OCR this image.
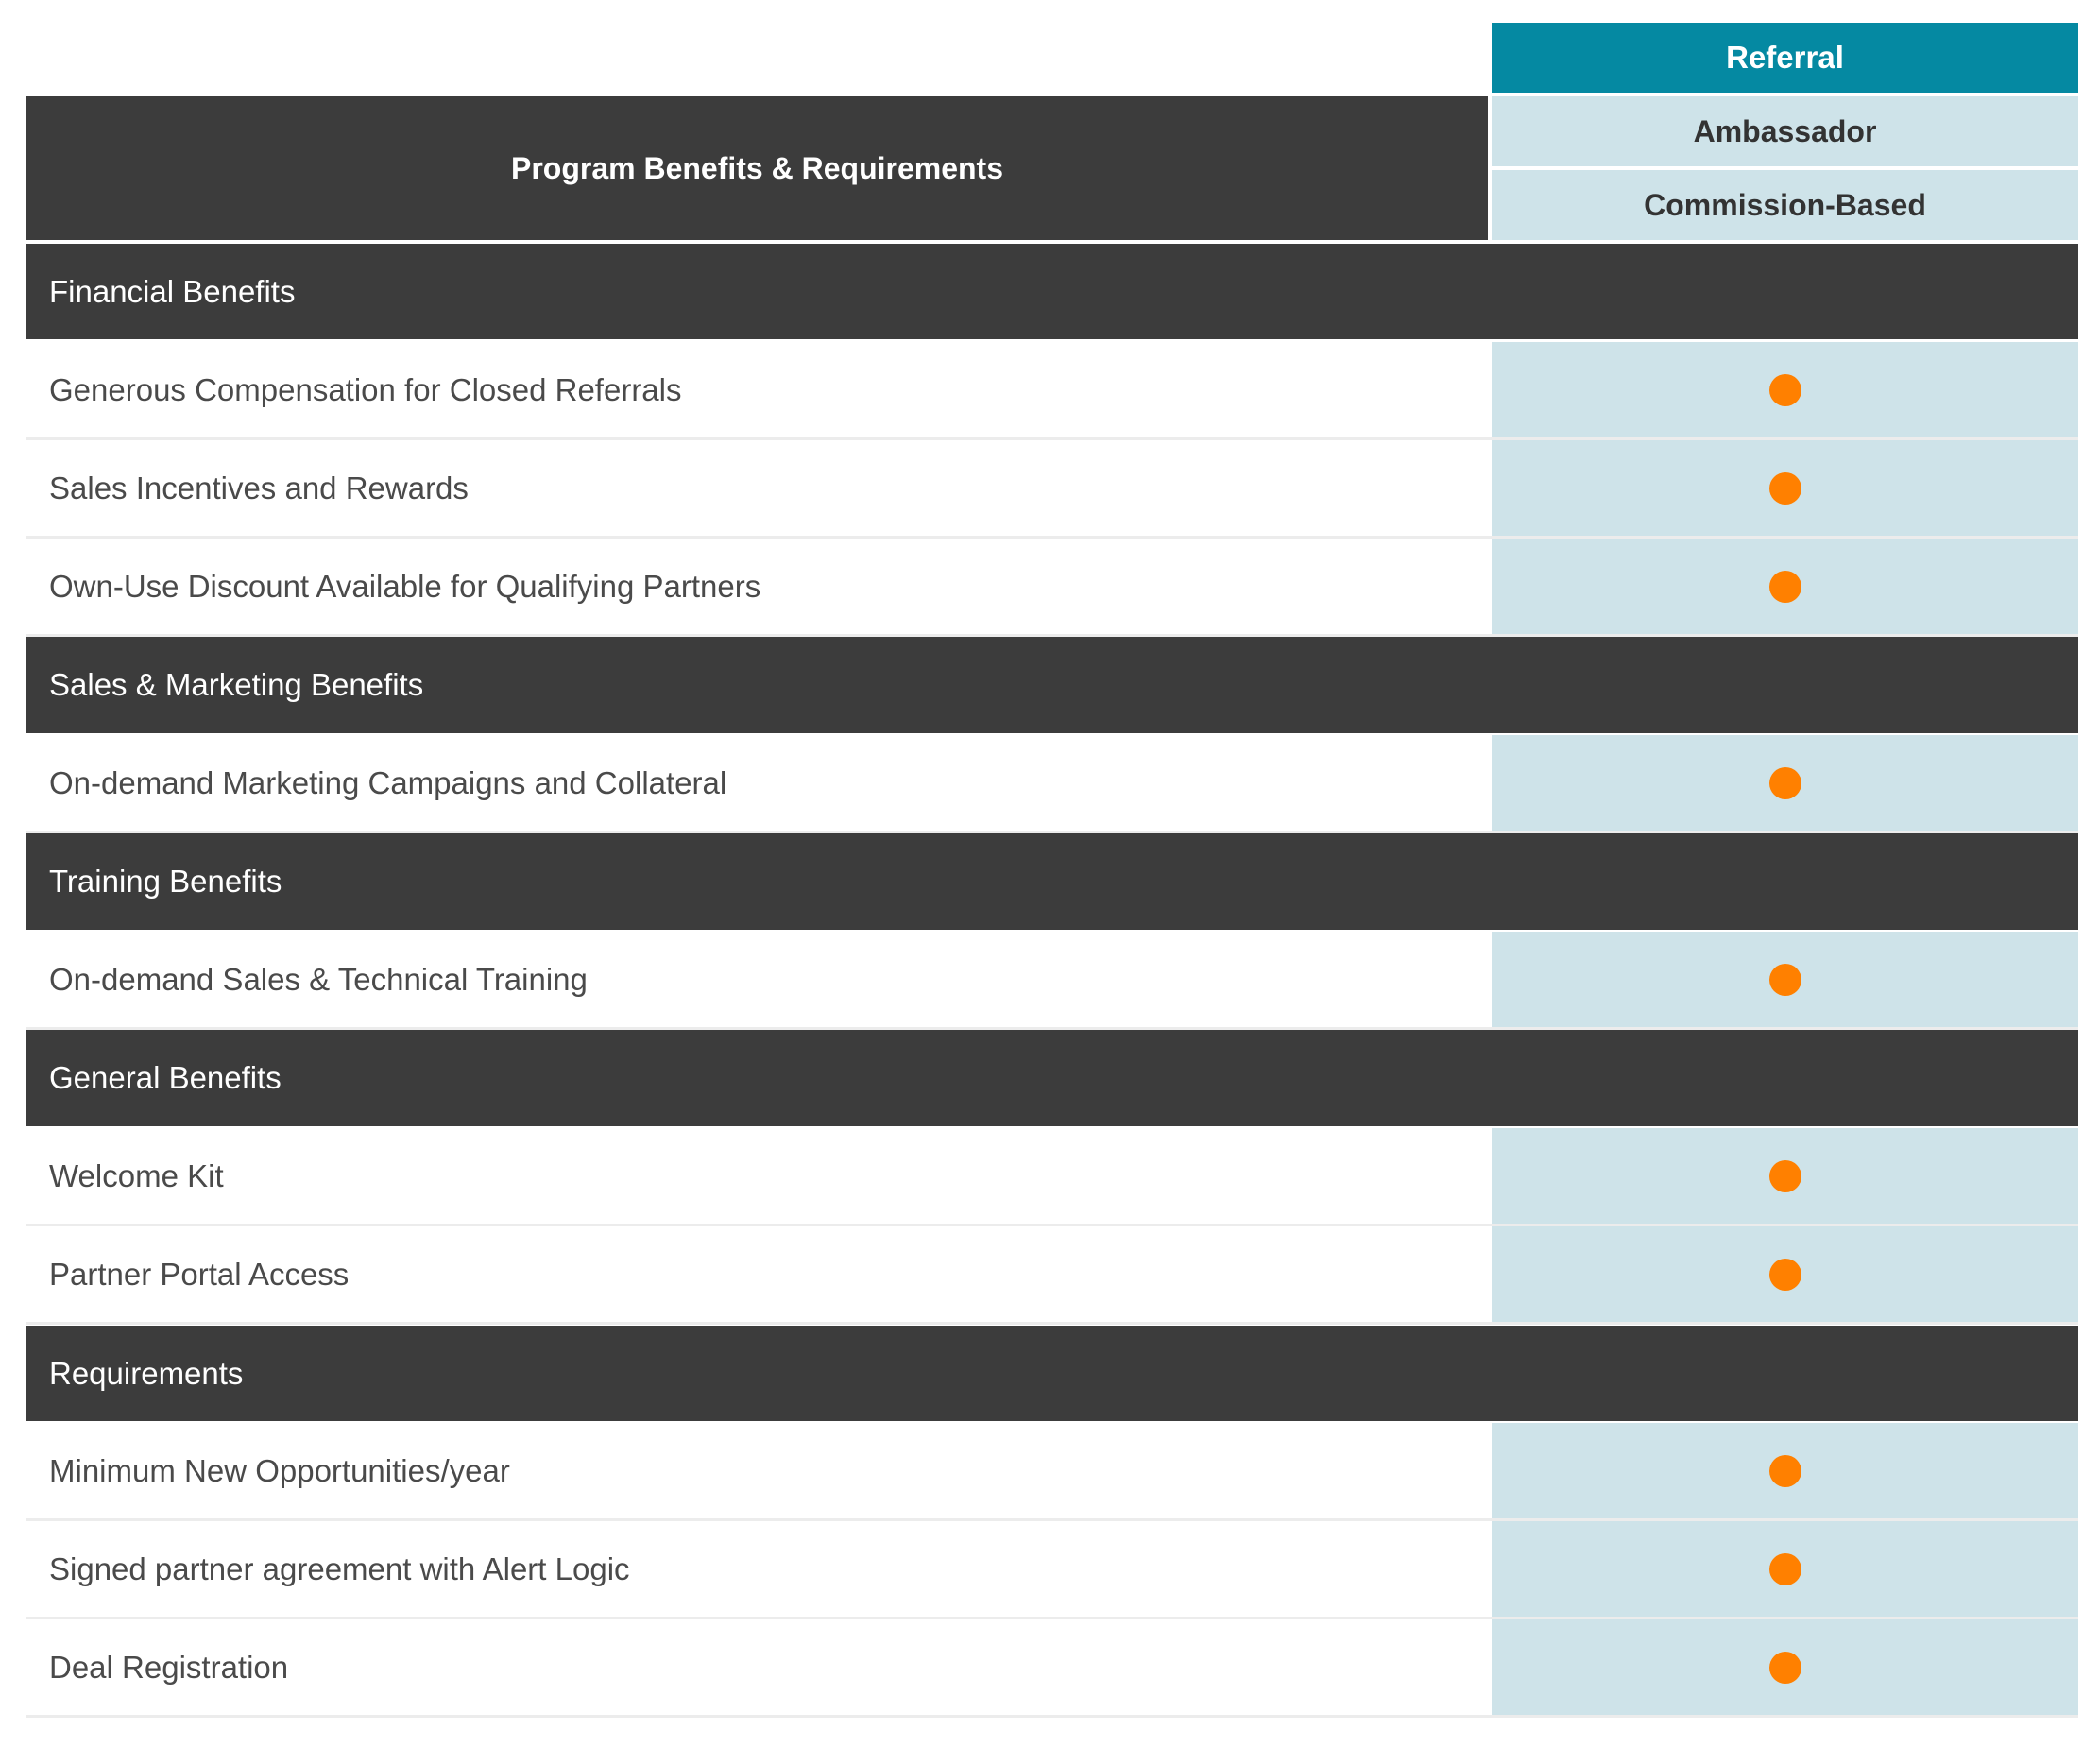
Referral
Program Benefits & Requirements
Ambassador
Commission-Based
Financial Benefits
Generous Compensation for Closed Referrals
Sales Incentives and Rewards
Own-Use Discount Available for Qualifying Partners
Sales & Marketing Benefits
On-demand Marketing Campaigns and Collateral
Training Benefits
On-demand Sales & Technical Training
General Benefits
Welcome Kit
Partner Portal Access
Requirements
Minimum New Opportunities/year
Signed partner agreement with Alert Logic
Deal Registration
